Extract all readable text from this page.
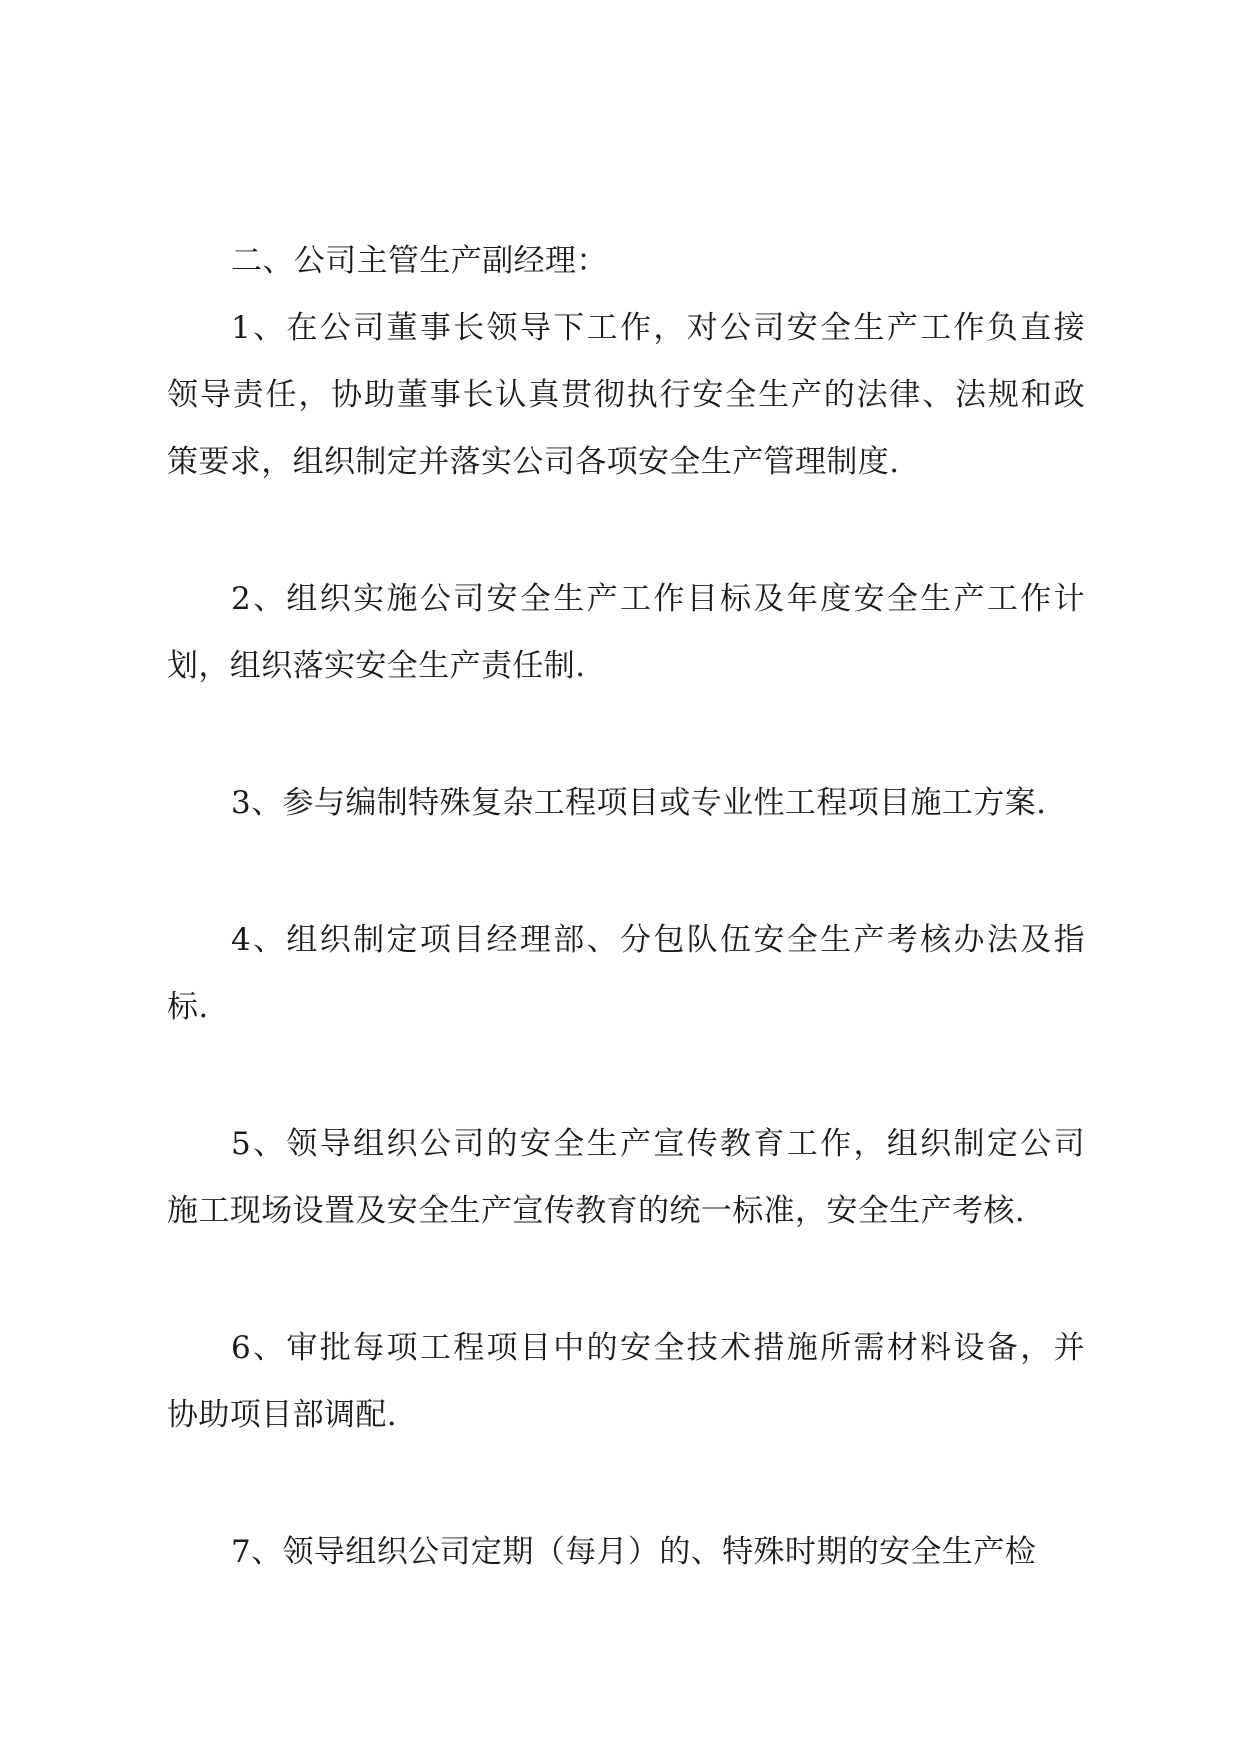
二、公司主管生产副经理：
1、在公司董事长领导下工作，对公司安全生产工作负直接
领导责任，协助董事长认真贯彻执行安全生产的法律、法规和政
策要求，组织制定并落实公司各项安全生产管理制度.
2、组织实施公司安全生产工作目标及年度安全生产工作计
划，组织落实安全生产责任制.
3、参与编制特殊复杂工程项目或专业性工程项目施工方案.
4、组织制定项目经理部、分包队伍安全生产考核办法及指
标.
5、领导组织公司的安全生产宣传教育工作，组织制定公司
施工现场设置及安全生产宣传教育的统一标准，安全生产考核.
6、审批每项工程项目中的安全技术措施所需材料设备，并
协助项目部调配.
7、领导组织公司定期（每月）的、特殊时期的安全生产检
